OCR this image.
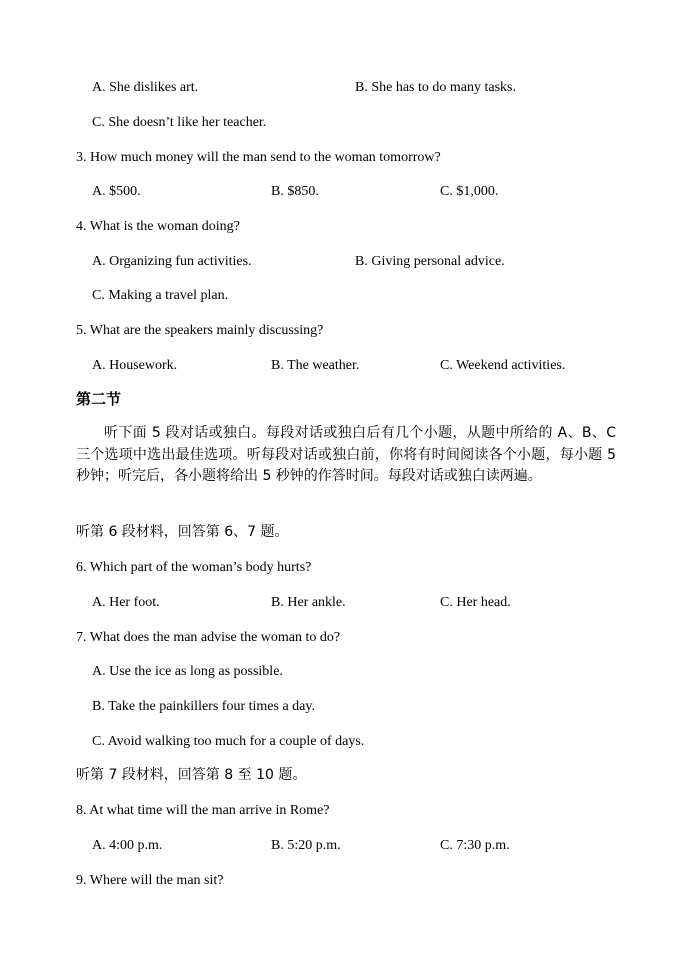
A. She dislikes art.	B. She has to do many tasks.
C. She doesn’t like her teacher.
3. How much money will the man send to the woman tomorrow?
A. $500.	B. $850.	C. $1,000.
4. What is the woman doing?
A. Organizing fun activities.	B. Giving personal advice.
C. Making a travel plan.
5. What are the speakers mainly discussing?
A. Housework.	B. The weather.	C. Weekend activities.
第二节
听下面 5 段对话或独白。每段对话或独白后有几个小题，从题中所给的 A、B、C 三个选项中选出最佳选项。听每段对话或独白前，你将有时间阅读各个小题，每小题 5 秒钟；听完后，各小题将给出 5 秒钟的作答时间。每段对话或独白读两遍。
听第 6 段材料，回答第 6、7 题。
6. Which part of the woman’s body hurts?
A. Her foot.	B. Her ankle.	C. Her head.
7. What does the man advise the woman to do?
A. Use the ice as long as possible.
B. Take the painkillers four times a day.
C. Avoid walking too much for a couple of days.
听第 7 段材料，回答第 8 至 10 题。
8. At what time will the man arrive in Rome?
A. 4:00 p.m.	B. 5:20 p.m.	C. 7:30 p.m.
9. Where will the man sit?
